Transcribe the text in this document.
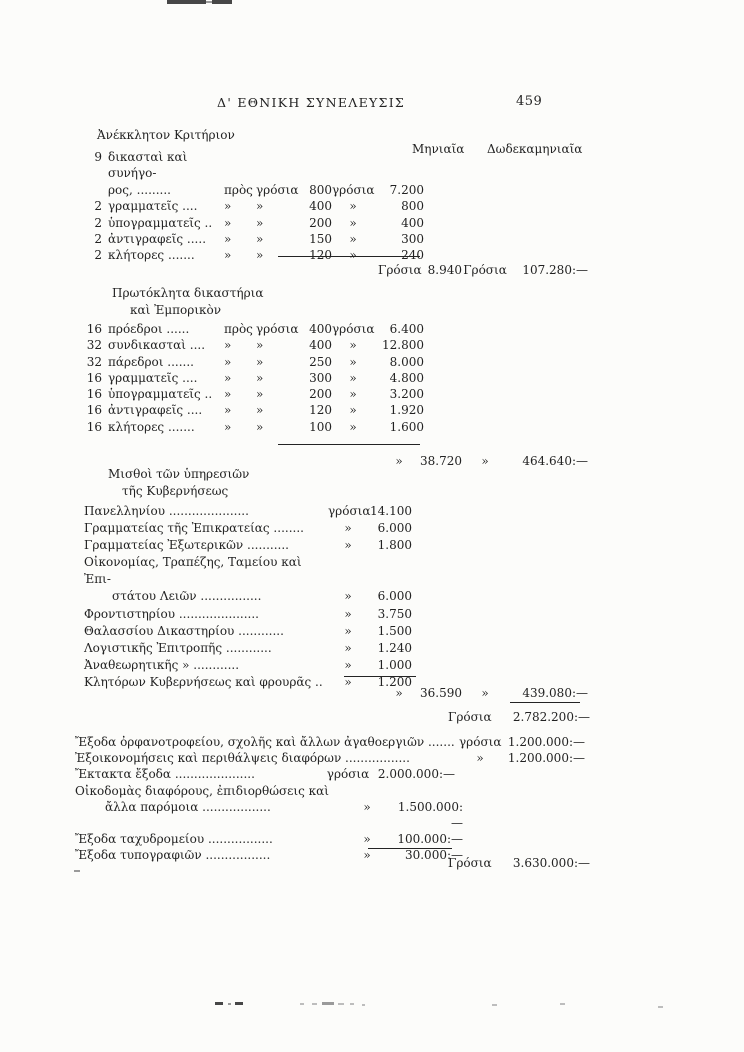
Δ' ΕΘΝΙΚΗ ΣΥΝΕΛΕΥΣΙΣ	459
Μηνιαῖα Δωδεκαμηνιαῖα
Ἀνέκκλητον Κριτήριον
9 δικασταὶ καὶ συνήγο-
ρος, .........	πρὸς γρόσια 800 γρόσια	7.200
2 γραμματεῖς ....	»	»	400	»	800
2 ὑπογραμματεῖς .. »	»	200	»	400
2 ἀντιγραφεῖς .....	»	»	150	»	300
2 κλήτορες .......	»	»	120	»	240
Γρόσια 8.940 Γρόσια	107.280:—
Πρωτόκλητα δικαστήρια
καὶ Ἐμπορικὸν
16 πρόεδροι ......	πρὸς γρόσια 400 γρόσια	6.400
32 συνδικασταὶ ....	»	»	400	»	12.800
32 πάρεδροι .......	»	»	250	»	8.000
16 γραμματεῖς ....	»	»	300	»	4.800
16 ὑπογραμματεῖς .. »	»	200	»	3.200
16 ἀντιγραφεῖς ....	»	»	120	»	1.920
16 κλήτορες .......	»	»	100	»	1.600
»	38.720	»	464.640:—
Μισθοὶ τῶν ὑπηρεσιῶν
τῆς Κυβερνήσεως
Πανελληνίου .....................	γρόσια 14.100
Γραμματείας τῆς Ἐπικρατείας ........	»	6.000
Γραμματείας Ἐξωτερικῶν ...........	»	1.800
Οἰκονομίας, Τραπέζης, Ταμείου καὶ Ἐπι-
στάτου Λειῶν ................	»	6.000
Φροντιστηρίου .....................	»	3.750
Θαλασσίου Δικαστηρίου ............	»	1.500
Λογιστικῆς Ἐπιτροπῆς ............	»	1.240
Ἀναθεωρητικῆς » ............	»	1.000
Κλητόρων Κυβερνήσεως καὶ φρουρᾶς ..	»	1.200
»	36.590	»	439.080:—
Γρόσια	2.782.200:—
Ἔξοδα ὀρφανοτροφείου, σχολῆς καὶ ἄλλων ἀγαθοεργιῶν ....... γρόσια 1.200.000:—
Ἐξοικονομήσεις καὶ περιθάλψεις διαφόρων .................	»	1.200.000:—
Ἔκτακτα ἔξοδα .....................	γρόσια 2.000.000:—
Οἰκοδομὰς διαφόρους, ἐπιδιορθώσεις καὶ
ἄλλα παρόμοια ..................	»	1.500.000:—
Ἔξοδα ταχυδρομείου .................	»	100.000:—
Ἔξοδα τυπογραφιῶν .................	»	30.000:—
Γρόσια	3.630.000:—
